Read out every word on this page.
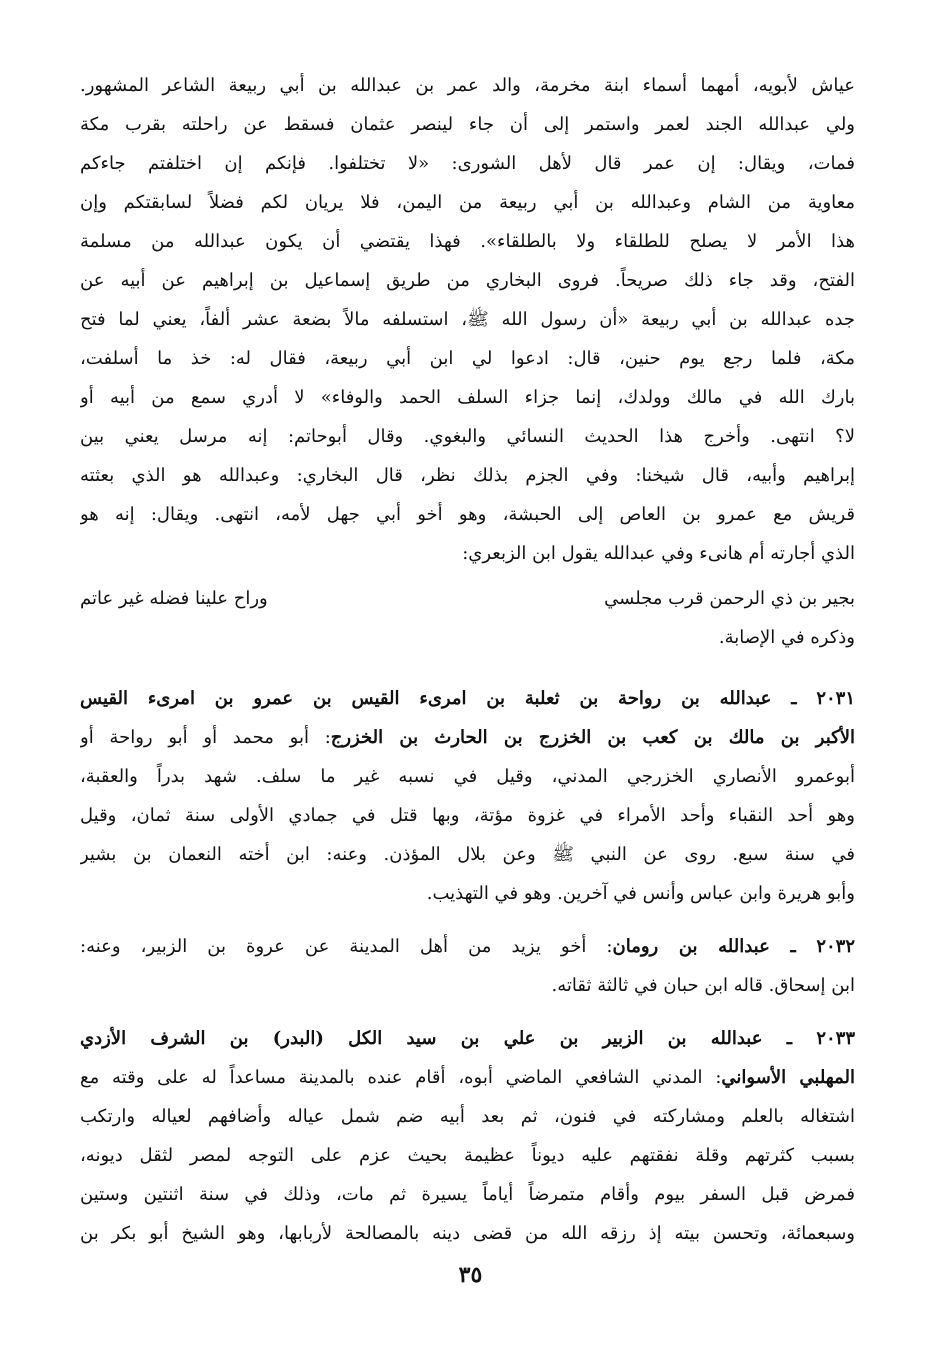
عياش لأبويه، أمهما أسماء ابنة مخرمة، والد عمر بن عبدالله بن أبي ربيعة الشاعر المشهور.
ولي عبدالله الجند لعمر واستمر إلى أن جاء لينصر عثمان فسقط عن راحلته بقرب مكة
فمات، ويقال: إن عمر قال لأهل الشورى: «لا تختلفوا. فإنكم إن اختلفتم جاءكم
معاوية من الشام وعبدالله بن أبي ربيعة من اليمن، فلا يريان لكم فضلاً لسابقتكم وإن
هذا الأمر لا يصلح للطلقاء ولا بالطلقاء». فهذا يقتضي أن يكون عبدالله من مسلمة
الفتح، وقد جاء ذلك صريحاً. فروى البخاري من طريق إسماعيل بن إبراهيم عن أبيه عن
جده عبدالله بن أبي ربيعة «أن رسول الله ﷺ، استسلفه مالاً بضعة عشر ألفاً، يعني لما فتح
مكة، فلما رجع يوم حنين، قال: ادعوا لي ابن أبي ربيعة، فقال له: خذ ما أسلفت،
بارك الله في مالك وولدك، إنما جزاء السلف الحمد والوفاء» لا أدري سمع من أبيه أو
لا؟ انتهى. وأخرج هذا الحديث النسائي والبغوي. وقال أبوحاتم: إنه مرسل يعني بين
إبراهيم وأبيه، قال شيخنا: وفي الجزم بذلك نظر، قال البخاري: وعبدالله هو الذي بعثته
قريش مع عمرو بن العاص إلى الحبشة، وهو أخو أبي جهل لأمه، انتهى. ويقال: إنه هو
الذي أجارته أم هانىء وفي عبدالله يقول ابن الزبعري:
بجير بن ذي الرحمن قرب مجلسي
وراح علينا فضله غير عاتم
وذكره في الإصابة.
٢٠٣١ ـ عبدالله بن رواحة بن ثعلبة بن امرىء القيس بن عمرو بن امرىء القيس
الأكبر بن مالك بن كعب بن الخزرج بن الحارث بن الخزرج: أبو محمد أو أبو رواحة أو
أبوعمرو الأنصاري الخزرجي المدني، وقيل في نسبه غير ما سلف. شهد بدراً والعقبة،
وهو أحد النقباء وأحد الأمراء في غزوة مؤتة، وبها قتل في جمادي الأولى سنة ثمان، وقيل
في سنة سبع. روى عن النبي ﷺ وعن بلال المؤذن. وعنه: ابن أخته النعمان بن بشير
وأبو هريرة وابن عباس وأنس في آخرين. وهو في التهذيب.
٢٠٣٢ ـ عبدالله بن رومان: أخو يزيد من أهل المدينة عن عروة بن الزبير، وعنه:
ابن إسحاق. قاله ابن حبان في ثالثة ثقاته.
٢٠٣٣ ـ عبدالله بن الزبير بن علي بن سيد الكل (البدر) بن الشرف الأزدي
المهلبي الأسواني: المدني الشافعي الماضي أبوه، أقام عنده بالمدينة مساعداً له على وقته مع
اشتغاله بالعلم ومشاركته في فنون، ثم بعد أبيه ضم شمل عياله وأضافهم لعياله وارتكب
بسبب كثرتهم وقلة نفقتهم عليه ديوناً عظيمة بحيث عزم على التوجه لمصر لثقل ديونه،
فمرض قبل السفر بيوم وأقام متمرضاً أياماً يسيرة ثم مات، وذلك في سنة اثنتين وستين
وسبعمائة، وتحسن بيته إذ رزقه الله من قضى دينه بالمصالحة لأربابها، وهو الشيخ أبو بكر بن
٣٥
